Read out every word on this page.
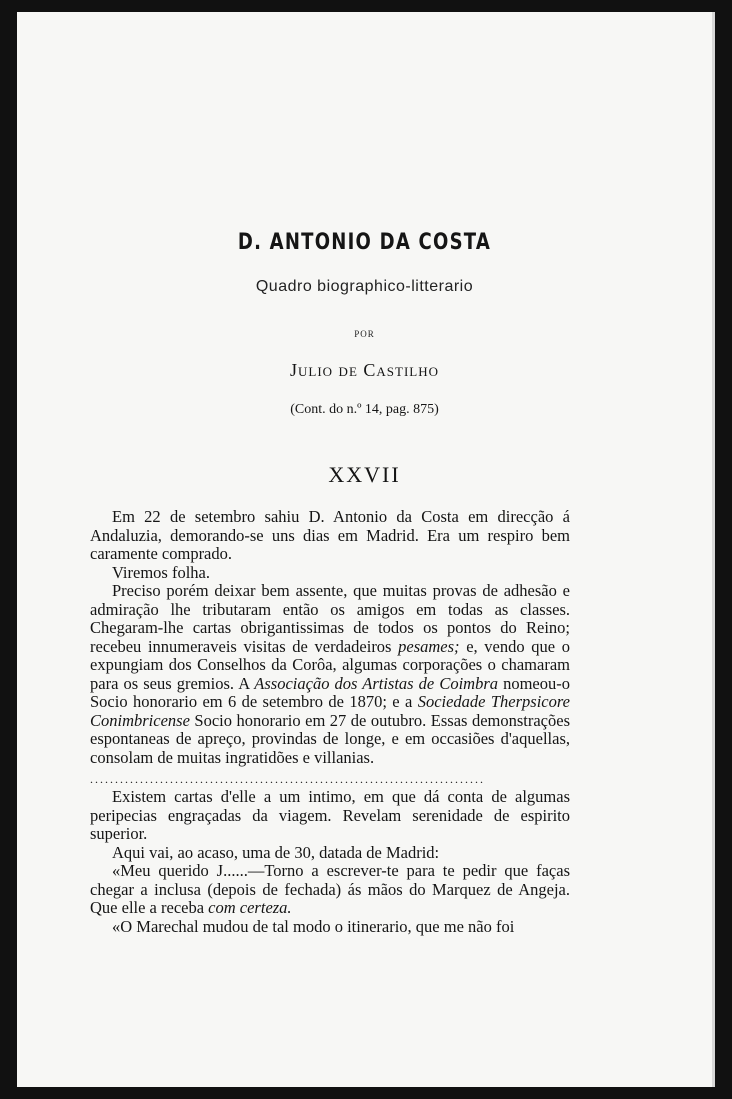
D. ANTONIO DA COSTA
Quadro biographico-litterario
POR
Julio de Castilho
(Cont. do n.º 14, pag. 875)
XXVII

Em 22 de setembro sahiu D. Antonio da Costa em direcção á Andaluzia, demorando-se uns dias em Madrid. Era um respiro bem caramente comprado.

Viremos folha.

Preciso porém deixar bem assente, que muitas provas de adhesão e admiração lhe tributaram então os amigos em todas as classes. Chegaram-lhe cartas obrigantissimas de todos os pontos do Reino; recebeu innumeraveis visitas de verdadeiros pesames; e, vendo que o expungiam dos Conselhos da Corôa, algumas corporações o chamaram para os seus gremios. A Associação dos Artistas de Coimbra nomeou-o Socio honorario em 6 de setembro de 1870; e a Sociedade Therpsicore Conimbricense Socio honorario em 27 de outubro. Essas demonstrações espontaneas de apreço, provindas de longe, e em occasiões d'aquellas, consolam de muitas ingratidões e villanias.

...............................................................................

Existem cartas d'elle a um intimo, em que dá conta de algumas peripecias engraçadas da viagem. Revelam serenidade de espirito superior.

Aqui vai, ao acaso, uma de 30, datada de Madrid:

«Meu querido J......—Torno a escrever-te para te pedir que faças chegar a inclusa (depois de fechada) ás mãos do Marquez de Angeja. Que elle a receba com certeza.

«O Marechal mudou de tal modo o itinerario, que me não foi
